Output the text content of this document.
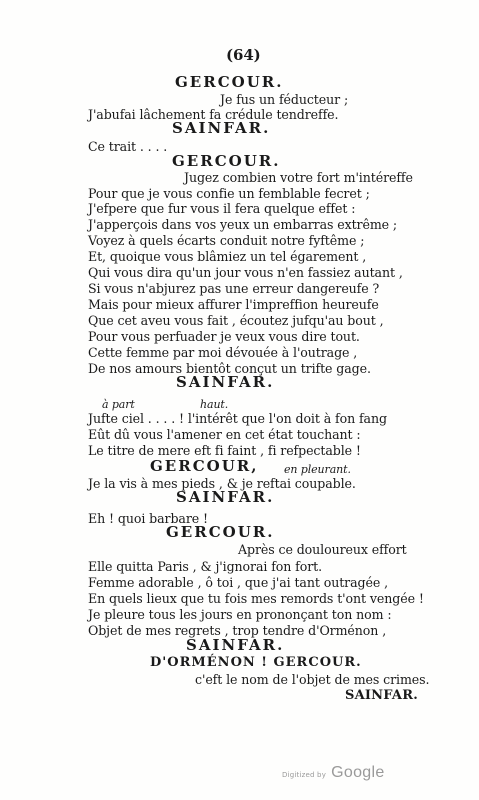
(64)
GERCOUR.
Je fus un féducteur ;
J'abufai lâchement fa crédule tendreffe.
SAINFAR.
Ce trait . . . .
GERCOUR.
Jugez combien votre fort m'intéreffe
Pour que je vous confie un femblable fecret ;
J'efpere que fur vous il fera quelque effet :
J'apperçois dans vos yeux un embarras extrême ;
Voyez à quels écarts conduit notre fyftême ;
Et, quoique vous blâmiez un tel égarement ,
Qui vous dira qu'un jour vous n'en fassiez autant ,
Si vous n'abjurez pas une erreur dangereufe ?
Mais pour mieux affurer l'impreffion heureufe
Que cet aveu vous fait , écoutez jufqu'au bout ,
Pour vous perfuader je veux vous dire tout.
Cette femme par moi dévouée à l'outrage ,
De nos amours bientôt conçut un trifte gage.
SAINFAR.
à part	haut.
Jufte ciel . . . . ! l'intérêt que l'on doit à fon fang
Eût dû vous l'amener en cet état touchant :
Le titre de mere eft fi faint , fi refpectable !
GERCOUR, en pleurant.
Je la vis à mes pieds , & je reftai coupable.
SAINFAR.
Eh ! quoi barbare !
GERCOUR.
Après ce douloureux effort
Elle quitta Paris , & j'ignorai fon fort.
Femme adorable , ô toi , que j'ai tant outragée ,
En quels lieux que tu fois mes remords t'ont vengée !
Je pleure tous les jours en prononçant ton nom :
Objet de mes regrets , trop tendre d'Orménon ,
SAINFAR.
D'ORMÉNON ! GERCOUR.
c'eft le nom de l'objet de mes crimes.
SAINFAR.
Digitized by Google
